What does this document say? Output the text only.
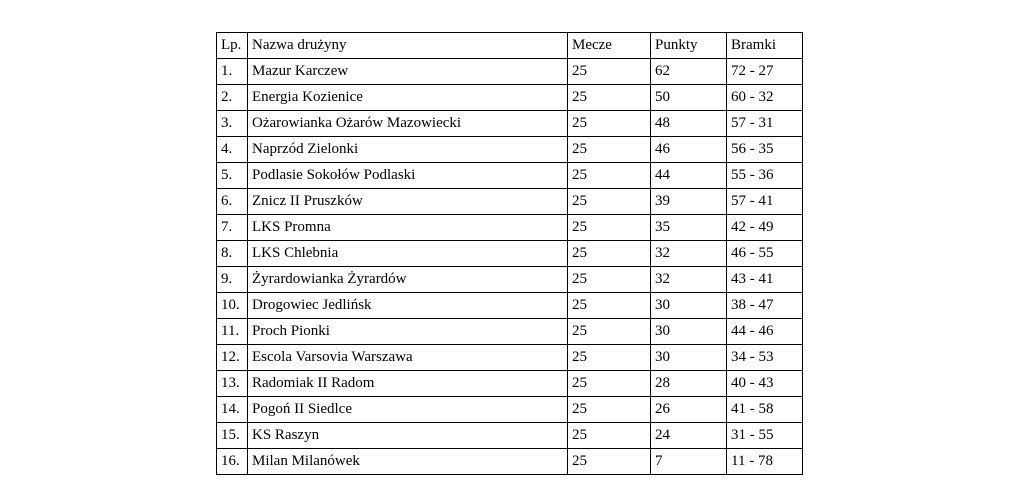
Lp.	Nazwa drużyny	Mecze	Punkty	Bramki
1.	Mazur Karczew	25	62	72 - 27
2.	Energia Kozienice	25	50	60 - 32
3.	Ożarowianka Ożarów Mazowiecki	25	48	57 - 31
4.	Naprzód Zielonki	25	46	56 - 35
5.	Podlasie Sokołów Podlaski	25	44	55 - 36
6.	Znicz II Pruszków	25	39	57 - 41
7.	LKS Promna	25	35	42 - 49
8.	LKS Chlebnia	25	32	46 - 55
9.	Żyrardowianka Żyrardów	25	32	43 - 41
10.	Drogowiec Jedlińsk	25	30	38 - 47
11.	Proch Pionki	25	30	44 - 46
12.	Escola Varsovia Warszawa	25	30	34 - 53
13.	Radomiak II Radom	25	28	40 - 43
14.	Pogoń II Siedlce	25	26	41 - 58
15.	KS Raszyn	25	24	31 - 55
16.	Milan Milanówek	25	7	11 - 78
